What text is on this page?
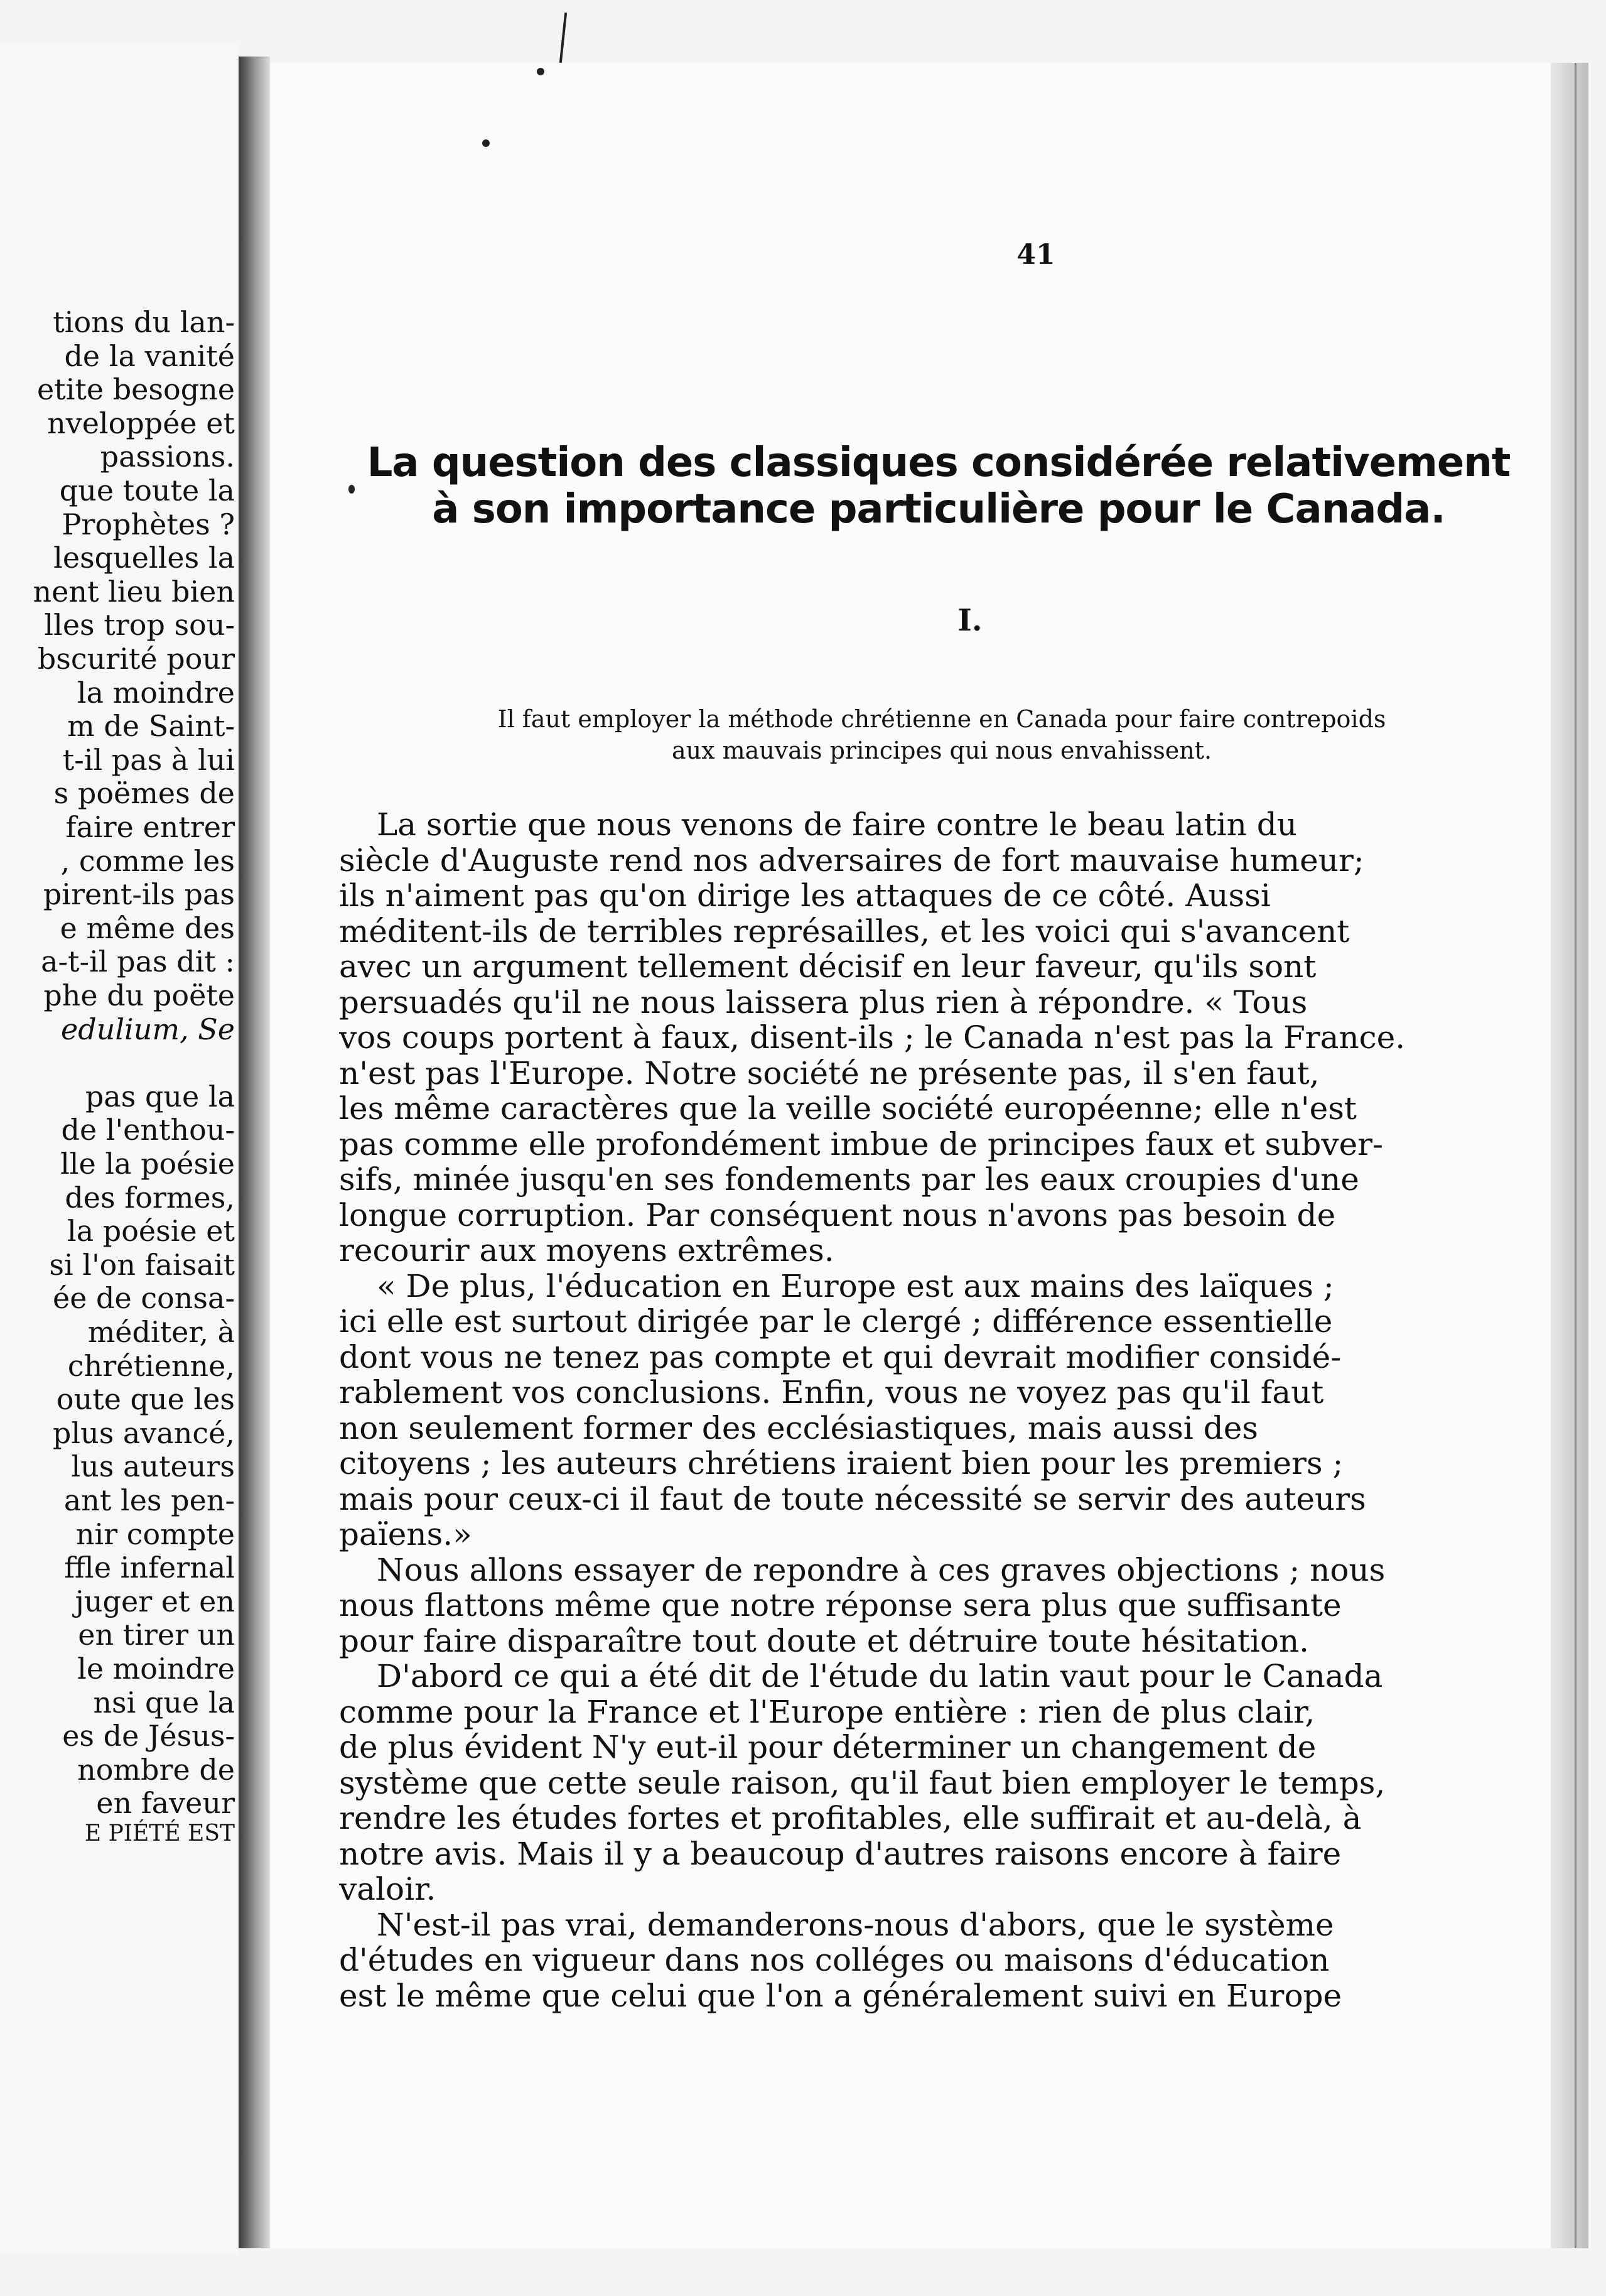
tions du lan-
de la vanité
etite besogne
nveloppée et
passions.
que toute la
Prophètes ?
lesquelles la
nent lieu bien
lles trop sou-
bscurité pour
la moindre
m de Saint-
t-il pas à lui
s poëmes de
faire entrer
, comme les
pirent-ils pas
e même des
a-t-il pas dit :
phe du poëte
edulium, Se
pas que la
de l'enthou-
lle la poésie
des formes,
la poésie et
si l'on faisait
ée de consa-
méditer, à
chrétienne,
oute que les
plus avancé,
lus auteurs
ant les pen-
nir compte
ffle infernal
juger et en
en tirer un
le moindre
nsi que la
es de Jésus-
nombre de
en faveur
E PIÉTÉ EST
41
La question des classiques considérée relativement
à son importance particulière pour le Canada.
I.
Il faut employer la méthode chrétienne en Canada pour faire contrepoids
aux mauvais principes qui nous envahissent.
La sortie que nous venons de faire contre le beau latin du
siècle d'Auguste rend nos adversaires de fort mauvaise humeur;
ils n'aiment pas qu'on dirige les attaques de ce côté. Aussi
méditent-ils de terribles représailles, et les voici qui s'avancent
avec un argument tellement décisif en leur faveur, qu'ils sont
persuadés qu'il ne nous laissera plus rien à répondre. « Tous
vos coups portent à faux, disent-ils ; le Canada n'est pas la France.
n'est pas l'Europe. Notre société ne présente pas, il s'en faut,
les même caractères que la veille société européenne; elle n'est
pas comme elle profondément imbue de principes faux et subver-
sifs, minée jusqu'en ses fondements par les eaux croupies d'une
longue corruption. Par conséquent nous n'avons pas besoin de
recourir aux moyens extrêmes.
« De plus, l'éducation en Europe est aux mains des laïques ;
ici elle est surtout dirigée par le clergé ; différence essentielle
dont vous ne tenez pas compte et qui devrait modifier considé-
rablement vos conclusions. Enfin, vous ne voyez pas qu'il faut
non seulement former des ecclésiastiques, mais aussi des
citoyens ; les auteurs chrétiens iraient bien pour les premiers ;
mais pour ceux-ci il faut de toute nécessité se servir des auteurs
païens.»
Nous allons essayer de repondre à ces graves objections ; nous
nous flattons même que notre réponse sera plus que suffisante
pour faire disparaître tout doute et détruire toute hésitation.
D'abord ce qui a été dit de l'étude du latin vaut pour le Canada
comme pour la France et l'Europe entière : rien de plus clair,
de plus évident N'y eut-il pour déterminer un changement de
système que cette seule raison, qu'il faut bien employer le temps,
rendre les études fortes et profitables, elle suffirait et au-delà, à
notre avis. Mais il y a beaucoup d'autres raisons encore à faire
valoir.
N'est-il pas vrai, demanderons-nous d'abors, que le système
d'études en vigueur dans nos colléges ou maisons d'éducation
est le même que celui que l'on a généralement suivi en Europe
